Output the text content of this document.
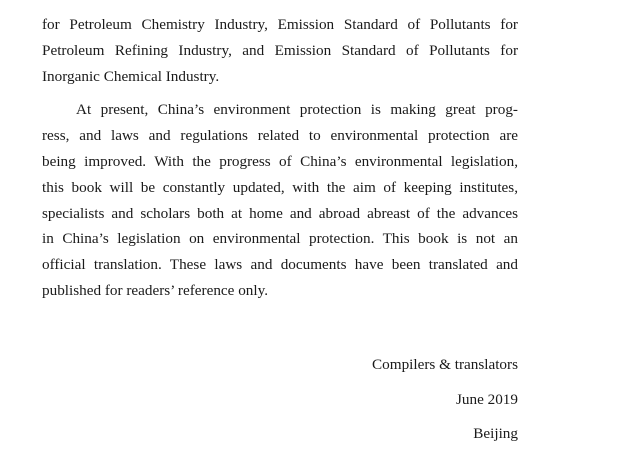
for Petroleum Chemistry Industry, Emission Standard of Pollutants for
Petroleum Refining Industry, and Emission Standard of Pollutants for
Inorganic Chemical Industry.
At present, China’s environment protection is making great prog-
ress, and laws and regulations related to environmental protection are
being improved. With the progress of China’s environmental legislation,
this book will be constantly updated, with the aim of keeping institutes,
specialists and scholars both at home and abroad abreast of the advances
in China’s legislation on environmental protection. This book is not an
official translation. These laws and documents have been translated and
published for readers’ reference only.
Compilers & translators
June 2019
Beijing
